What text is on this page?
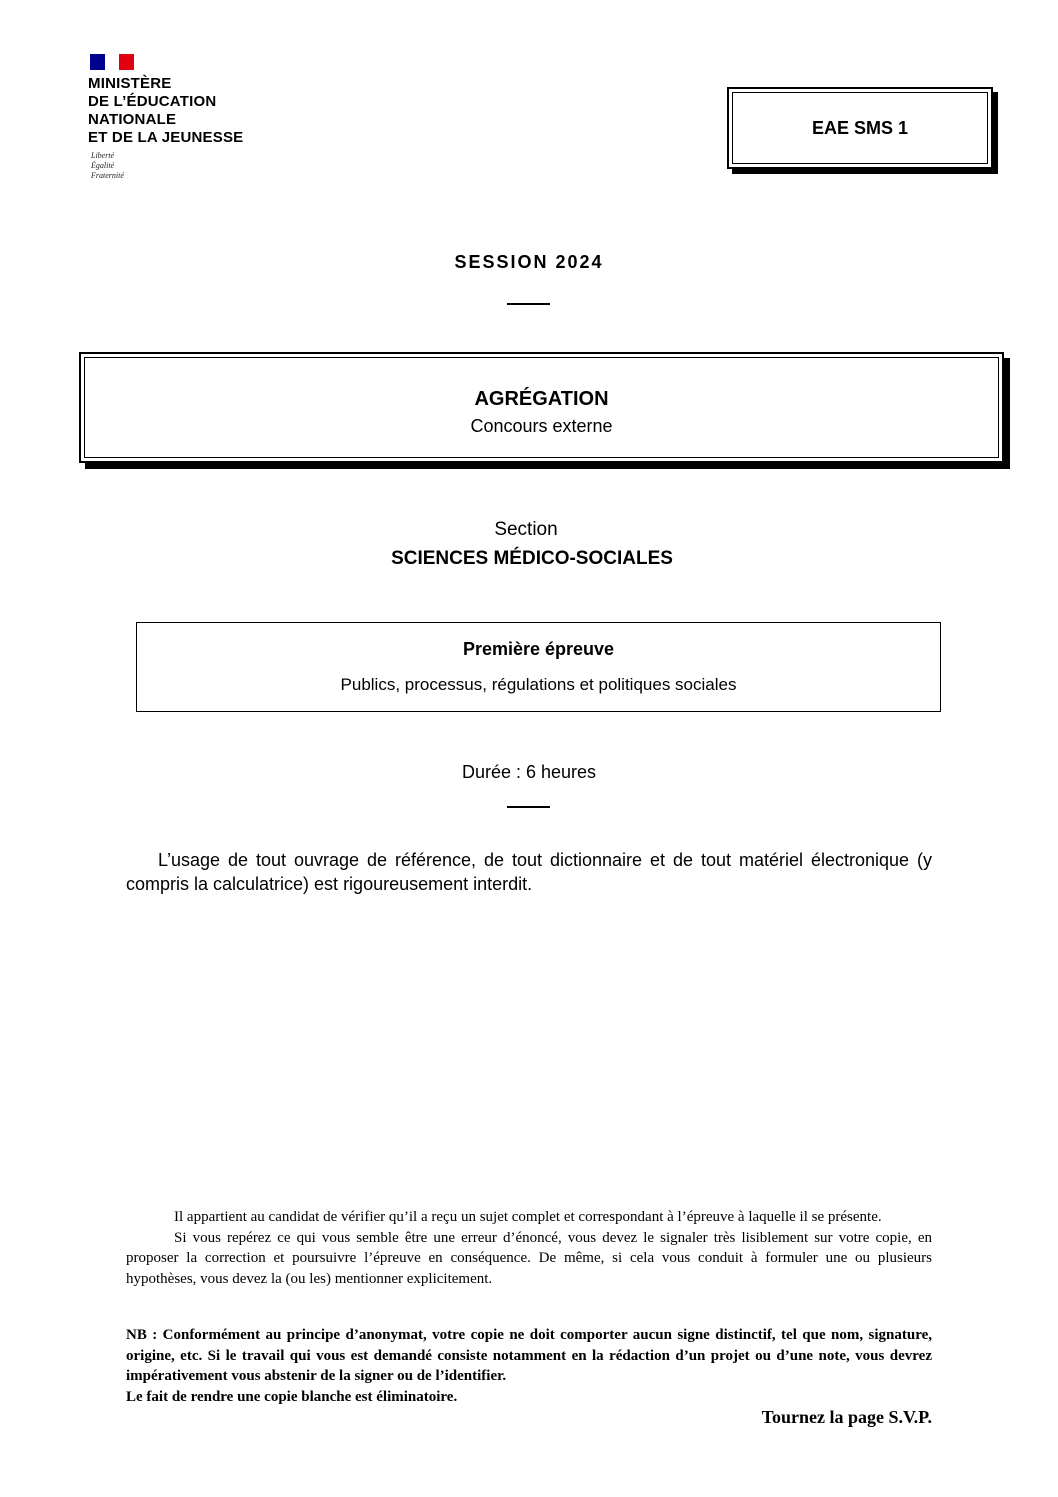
MINISTÈRE
DE L’ÉDUCATION
NATIONALE
ET DE LA JEUNESSE
Liberté
Égalité
Fraternité
EAE SMS 1
SESSION 2024
AGRÉGATION
Concours externe
Section
SCIENCES MÉDICO-SOCIALES
Première épreuve
Publics, processus, régulations et politiques sociales
Durée : 6 heures
L’usage de tout ouvrage de référence, de tout dictionnaire et de tout matériel électronique (y compris la calculatrice) est rigoureusement interdit.

Il appartient au candidat de vérifier qu’il a reçu un sujet complet et correspondant à l’épreuve à laquelle il se présente.

Si vous repérez ce qui vous semble être une erreur d’énoncé, vous devez le signaler très lisiblement sur votre copie, en proposer la correction et poursuivre l’épreuve en conséquence. De même, si cela vous conduit à formuler une ou plusieurs hypothèses, vous devez la (ou les) mentionner explicitement.

NB : Conformément au principe d’anonymat, votre copie ne doit comporter aucun signe distinctif, tel que nom, signature, origine, etc. Si le travail qui vous est demandé consiste notamment en la rédaction d’un projet ou d’une note, vous devrez impérativement vous abstenir de la signer ou de l’identifier.

Le fait de rendre une copie blanche est éliminatoire.

Tournez la page S.V.P.
